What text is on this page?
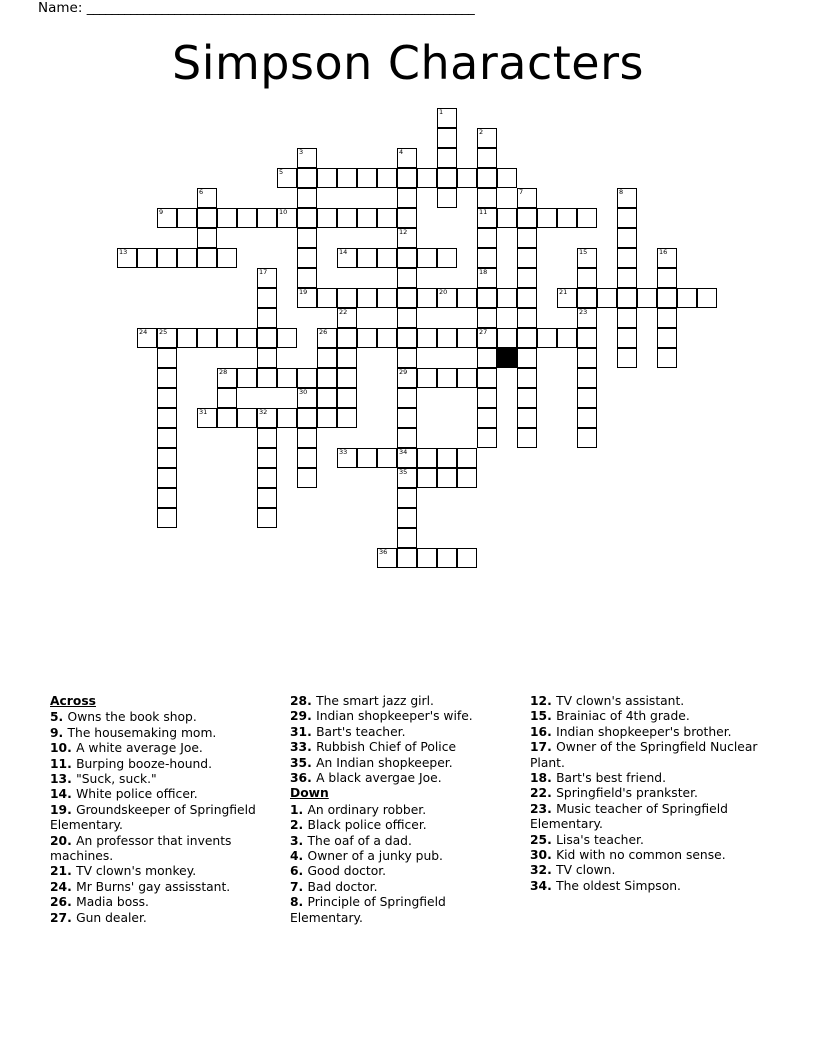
Name: ______________________________________________________________
Simpson Characters
1
2
3	4
5
6	7	8
9	10	11
12
13	14	15	16
17	18
19	20	21
22	23
24 25	26	27
28	29
30
31	32
33	34
35
36
Across
5. Owns the book shop.
9. The housemaking mom.
10. A white average Joe.
11. Burping booze-hound.
13. "Suck, suck."
14. White police officer.
19. Groundskeeper of Springfield Elementary.
20. An professor that invents machines.
21. TV clown's monkey.
24. Mr Burns' gay assisstant.
26. Madia boss.
27. Gun dealer.
28. The smart jazz girl.
29. Indian shopkeeper's wife.
31. Bart's teacher.
33. Rubbish Chief of Police
35. An Indian shopkeeper.
36. A black avergae Joe.
Down
1. An ordinary robber.
2. Black police officer.
3. The oaf of a dad.
4. Owner of a junky pub.
6. Good doctor.
7. Bad doctor.
8. Principle of Springfield Elementary.
12. TV clown's assistant.
15. Brainiac of 4th grade.
16. Indian shopkeeper's brother.
17. Owner of the Springfield Nuclear Plant.
18. Bart's best friend.
22. Springfield's prankster.
23. Music teacher of Springfield Elementary.
25. Lisa's teacher.
30. Kid with no common sense.
32. TV clown.
34. The oldest Simpson.
